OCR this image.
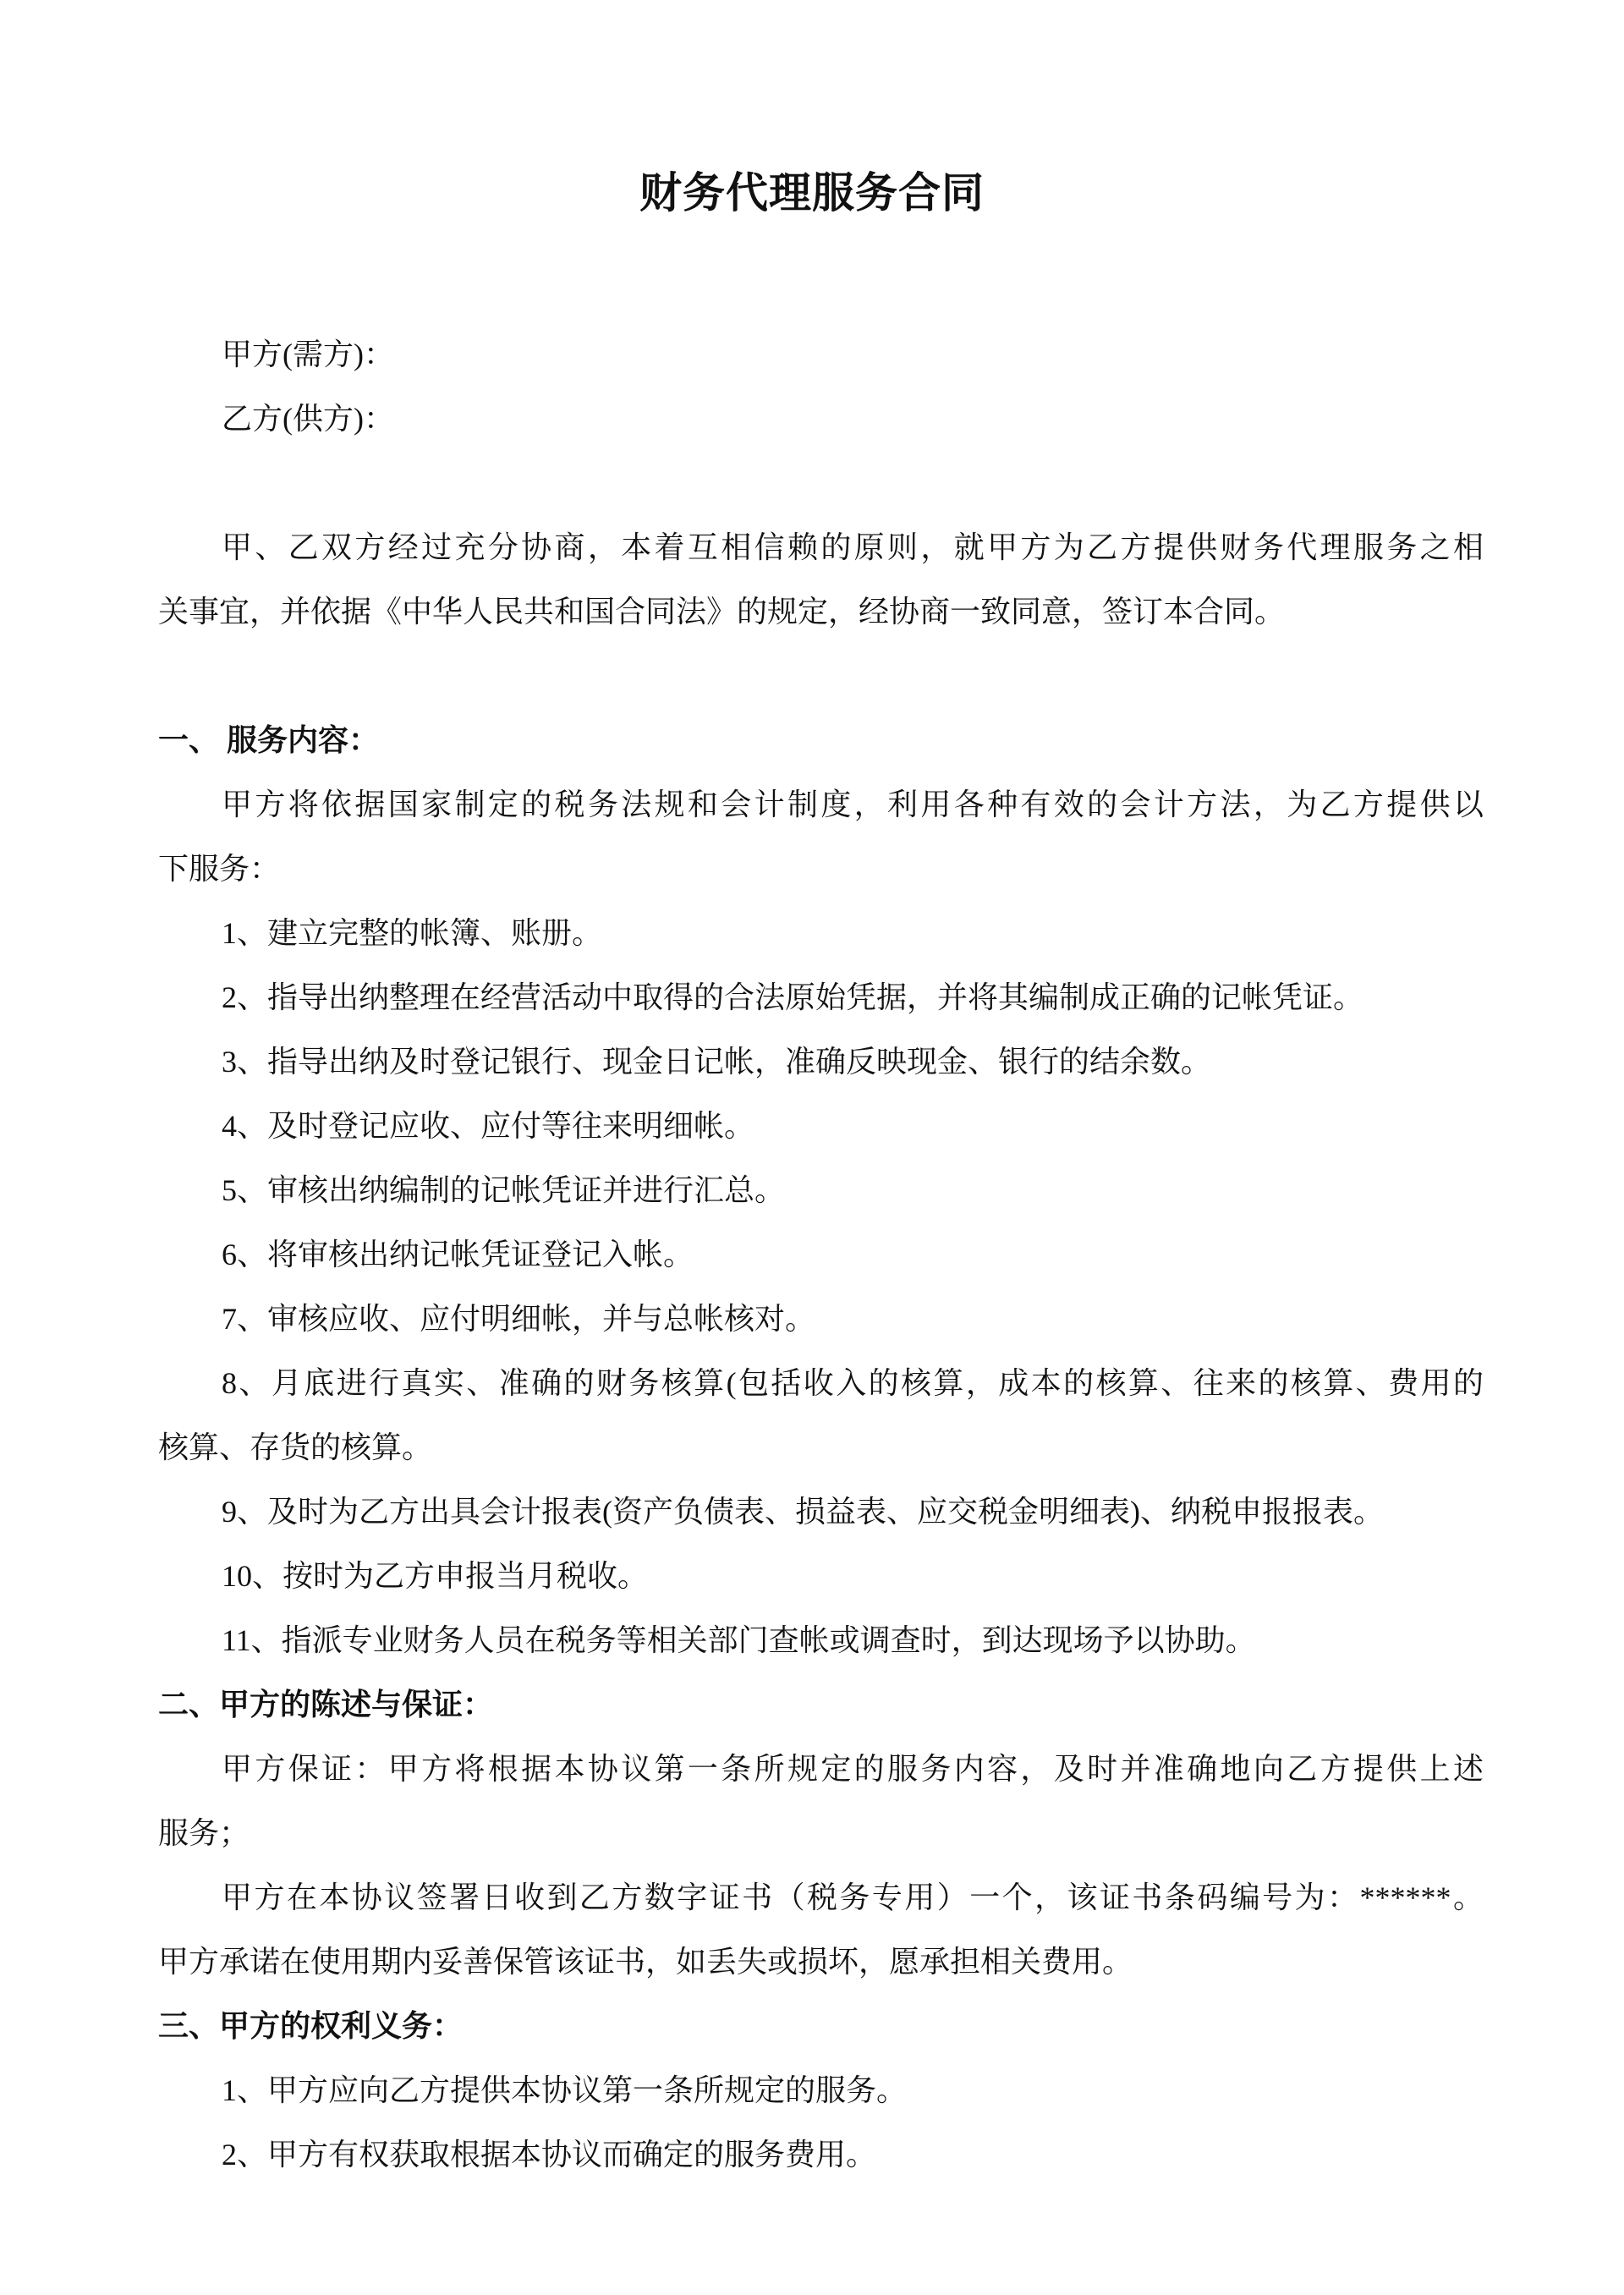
财务代理服务合同
甲方(需方)：
乙方(供方)：
甲、乙双方经过充分协商，本着互相信赖的原则，就甲方为乙方提供财务代理服务之相
关事宜，并依据《中华人民共和国合同法》的规定，经协商一致同意，签订本合同。
一、 服务内容：
甲方将依据国家制定的税务法规和会计制度，利用各种有效的会计方法，为乙方提供以
下服务：
1、建立完整的帐簿、账册。
2、指导出纳整理在经营活动中取得的合法原始凭据，并将其编制成正确的记帐凭证。
3、指导出纳及时登记银行、现金日记帐，准确反映现金、银行的结余数。
4、及时登记应收、应付等往来明细帐。
5、审核出纳编制的记帐凭证并进行汇总。
6、将审核出纳记帐凭证登记入帐。
7、审核应收、应付明细帐，并与总帐核对。
8、月底进行真实、准确的财务核算(包括收入的核算，成本的核算、往来的核算、费用的
核算、存货的核算。
9、及时为乙方出具会计报表(资产负债表、损益表、应交税金明细表)、纳税申报报表。
10、按时为乙方申报当月税收。
11、指派专业财务人员在税务等相关部门查帐或调查时，到达现场予以协助。
二、甲方的陈述与保证：
甲方保证：甲方将根据本协议第一条所规定的服务内容，及时并准确地向乙方提供上述
服务；
甲方在本协议签署日收到乙方数字证书（税务专用）一个，该证书条码编号为：******。
甲方承诺在使用期内妥善保管该证书，如丢失或损坏，愿承担相关费用。
三、甲方的权利义务：
1、甲方应向乙方提供本协议第一条所规定的服务。
2、甲方有权获取根据本协议而确定的服务费用。
